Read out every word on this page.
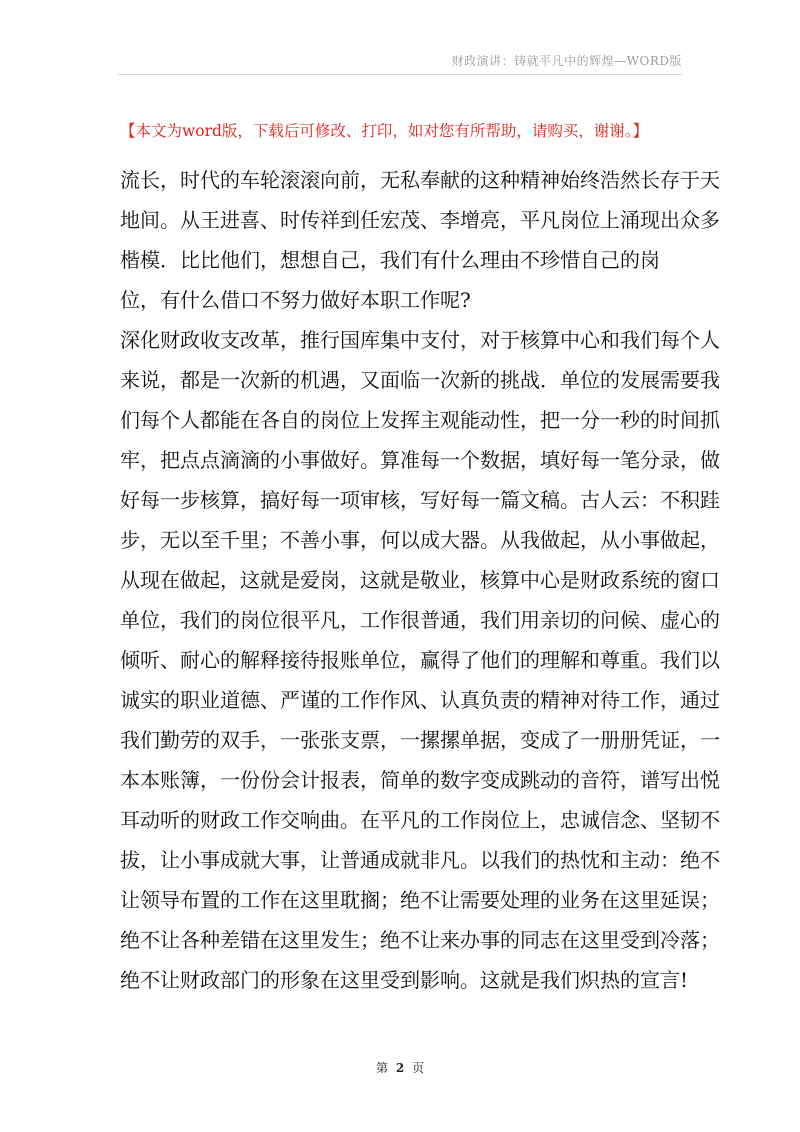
财政演讲：铸就平凡中的辉煌—WORD版
【本文为word版，下载后可修改、打印，如对您有所帮助，请购买，谢谢。】
流长，时代的车轮滚滚向前，无私奉献的这种精神始终浩然长存于天
地间。从王进喜、时传祥到任宏茂、李增亮，平凡岗位上涌现出众多
楷模．比比他们，想想自己，我们有什么理由不珍惜自己的岗
位，有什么借口不努力做好本职工作呢?
深化财政收支改革，推行国库集中支付，对于核算中心和我们每个人
来说，都是一次新的机遇，又面临一次新的挑战．单位的发展需要我
们每个人都能在各自的岗位上发挥主观能动性，把一分一秒的时间抓
牢，把点点滴滴的小事做好。算准每一个数据，填好每一笔分录，做
好每一步核算，搞好每一项审核，写好每一篇文稿。古人云：不积跬
步，无以至千里；不善小事，何以成大器。从我做起，从小事做起，
从现在做起，这就是爱岗，这就是敬业，核算中心是财政系统的窗口
单位，我们的岗位很平凡，工作很普通，我们用亲切的问候、虚心的
倾听、耐心的解释接待报账单位，赢得了他们的理解和尊重。我们以
诚实的职业道德、严谨的工作作风、认真负责的精神对待工作，通过
我们勤劳的双手，一张张支票，一摞摞单据，变成了一册册凭证，一
本本账簿，一份份会计报表，简单的数字变成跳动的音符，谱写出悦
耳动听的财政工作交响曲。在平凡的工作岗位上，忠诚信念、坚韧不
拔，让小事成就大事，让普通成就非凡。以我们的热忱和主动：绝不
让领导布置的工作在这里耽搁；绝不让需要处理的业务在这里延误；
绝不让各种差错在这里发生；绝不让来办事的同志在这里受到冷落；
绝不让财政部门的形象在这里受到影响。这就是我们炽热的宣言!
第 2 页
